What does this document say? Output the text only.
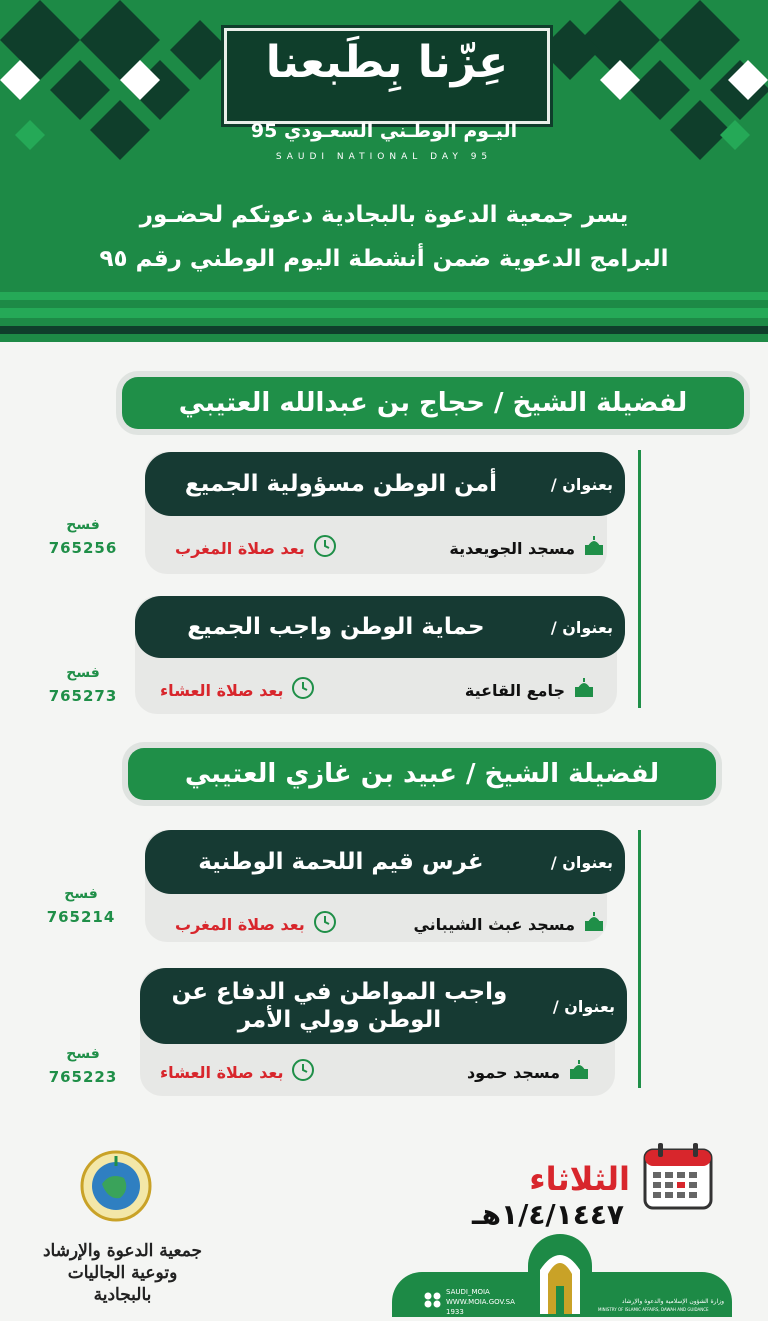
عِزّنا بِطَبعنا
اليـوم الوطـني السعـودي 95
SAUDI NATIONAL DAY 95
يسر جمعية الدعوة بالبجادية دعوتكم لحضـور
البرامج الدعوية ضمن أنشطة اليوم الوطني رقم ٩٥
لفضيلة الشيخ / حجاج بن عبدالله العتيبي
بعنوان /
أمن الوطن مسؤولية الجميع
مسجد الجويعدية
بعد صلاة المغرب
فسح
765256
بعنوان /
حماية الوطن واجب الجميع
جامع القاعية
بعد صلاة العشاء
فسح
765273
لفضيلة الشيخ / عبيد بن غازي العتيبي
بعنوان /
غرس قيم اللحمة الوطنية
مسجد عبث الشيباني
بعد صلاة المغرب
فسح
765214
بعنوان /
واجب المواطن في الدفاع عن الوطن وولي الأمر
مسجد حمود
بعد صلاة العشاء
فسح
765223
الثلاثاء ١/٤/١٤٤٧هـ
جمعية الدعوة والإرشاد
وتوعية الجاليات بالبجادية	SAUDI_MOIA
WWW.MOIA.GOV.SA
1933
وزارة الشؤون الإسلامية والدعوة والإرشاد
MINISTRY OF ISLAMIC AFFAIRS, DAWAH AND GUIDANCE
